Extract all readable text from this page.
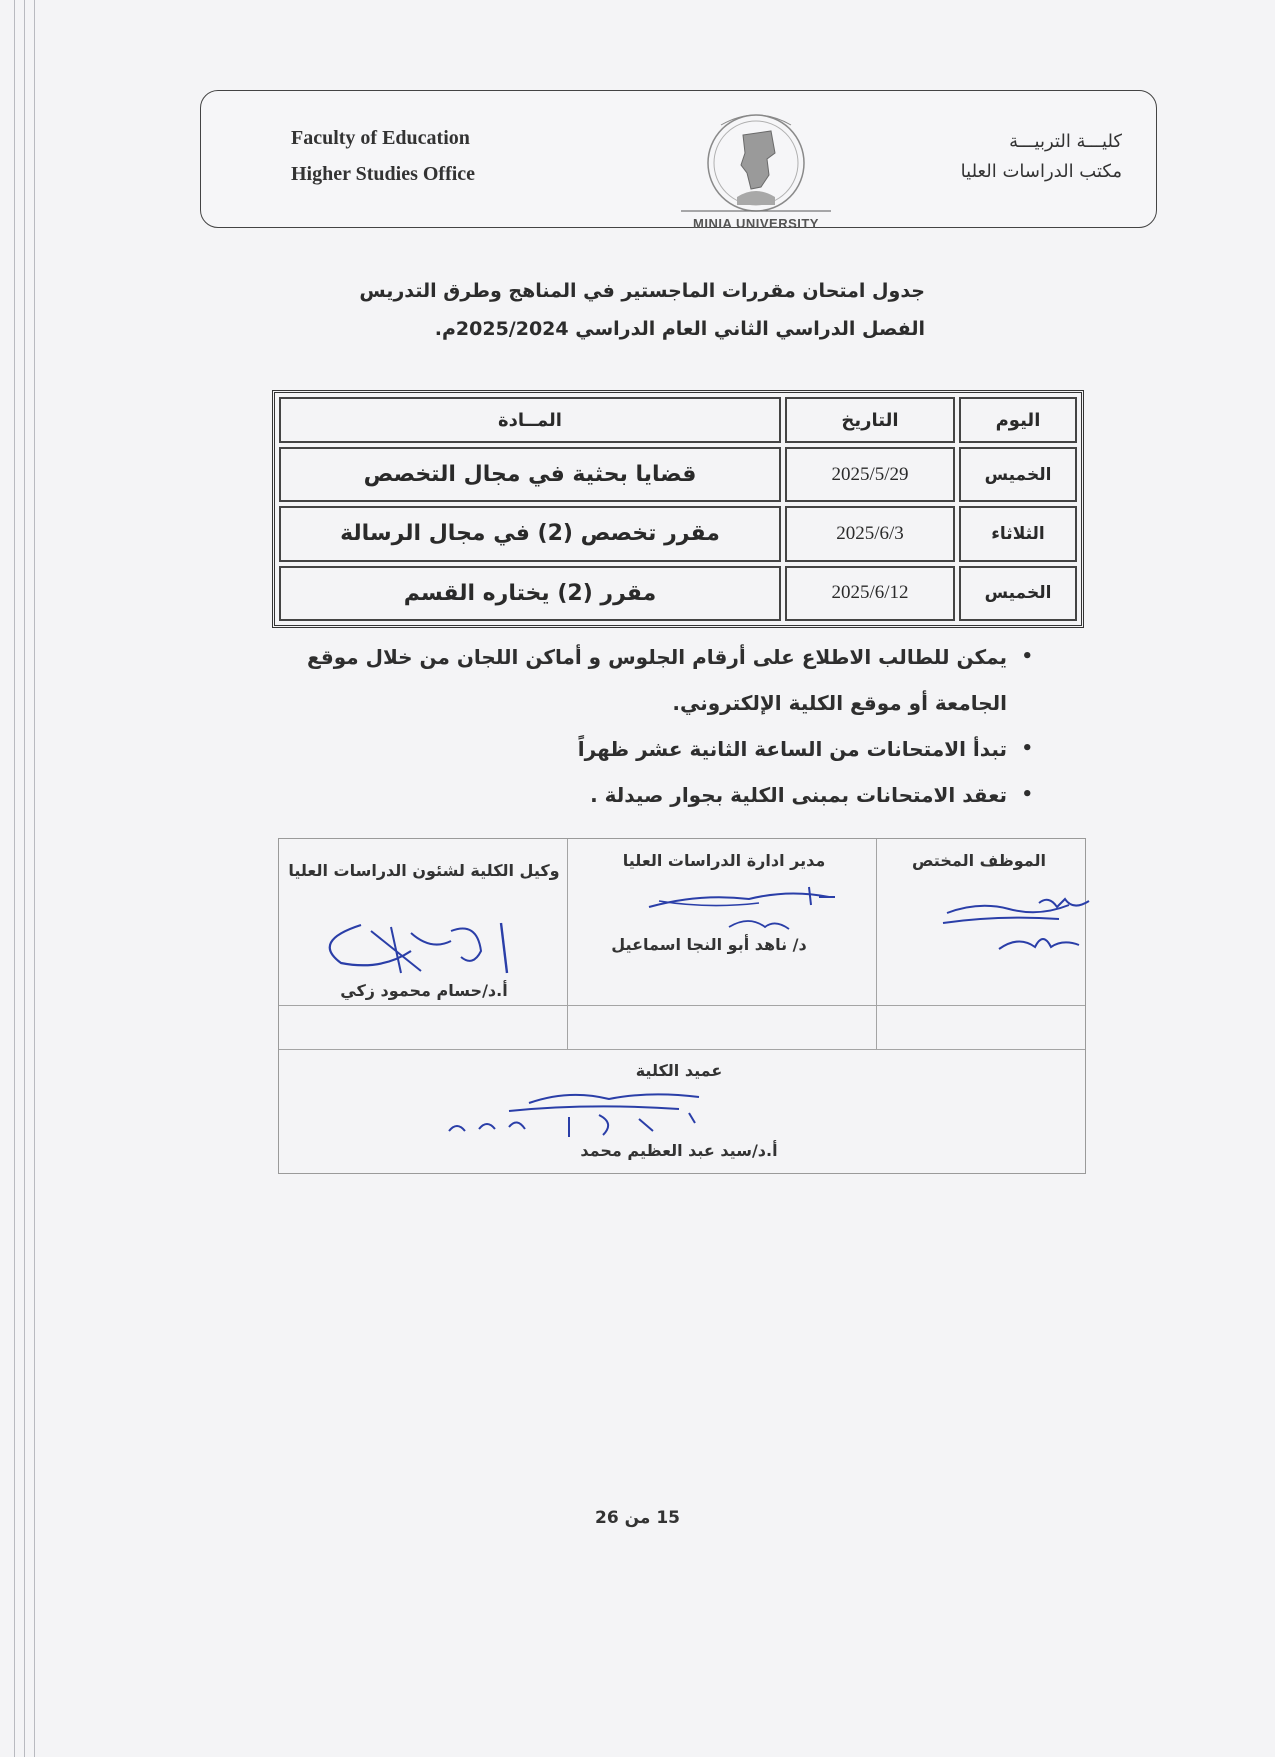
Faculty of Education
Higher Studies Office
MINIA UNIVERSITY
كليـــة التربيـــة
مكتب الدراسات العليا
جدول امتحان مقررات الماجستير في المناهج وطرق التدريس
الفصل الدراسي الثاني العام الدراسي 2025/2024م.
اليوم	التاريخ	المــادة
الخميس	2025/5/29	قضايا بحثية في مجال التخصص
الثلاثاء	2025/6/3	مقرر تخصص (2) في مجال الرسالة
الخميس	2025/6/12	مقرر (2) يختاره القسم
• يمكن للطالب الاطلاع على أرقام الجلوس و أماكن اللجان من خلال موقع الجامعة أو موقع الكلية الإلكتروني.
• تبدأ الامتحانات من الساعة الثانية عشر ظهراً
• تعقد الامتحانات بمبنى الكلية بجوار صيدلة .
الموظف المختص
مدير ادارة الدراسات العليا
د/ ناهد أبو النجا اسماعيل
وكيل الكلية لشئون الدراسات العليا
أ.د/حسام محمود زكي
عميد الكلية
أ.د/سيد عبد العظيم محمد
15 من 26
